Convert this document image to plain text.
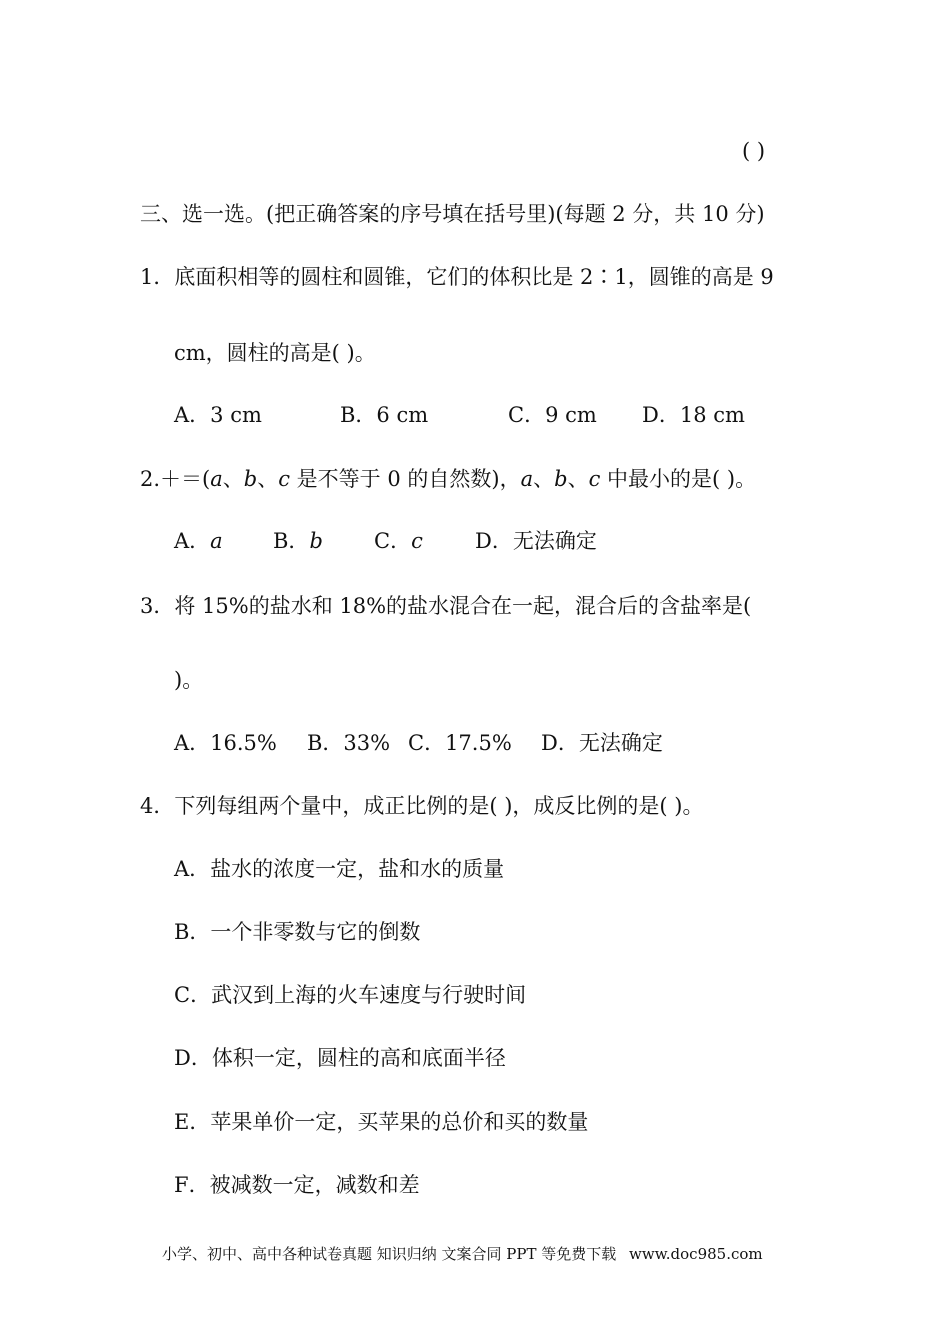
( )
三、选一选。(把正确答案的序号填在括号里)(每题 2 分，共 10 分)
1．底面积相等的圆柱和圆锥，它们的体积比是 2∶1，圆锥的高是 9
cm，圆柱的高是( )。
A．3 cm	B．6 cm	C．9 cm D．18 cm
2.＋＝(a、b、c 是不等于 0 的自然数)，a、b、c 中最小的是( )。
A．a B．b C．c D．无法确定
3．将 15%的盐水和 18%的盐水混合在一起，混合后的含盐率是(
)。
A．16.5% B．33% C．17.5% D．无法确定
4．下列每组两个量中，成正比例的是( )，成反比例的是( )。
A．盐水的浓度一定，盐和水的质量
B．一个非零数与它的倒数
C．武汉到上海的火车速度与行驶时间
D．体积一定，圆柱的高和底面半径
E．苹果单价一定，买苹果的总价和买的数量
F．被减数一定，减数和差
小学、初中、高中各种试卷真题 知识归纳 文案合同 PPT 等免费下载 www.doc985.com
